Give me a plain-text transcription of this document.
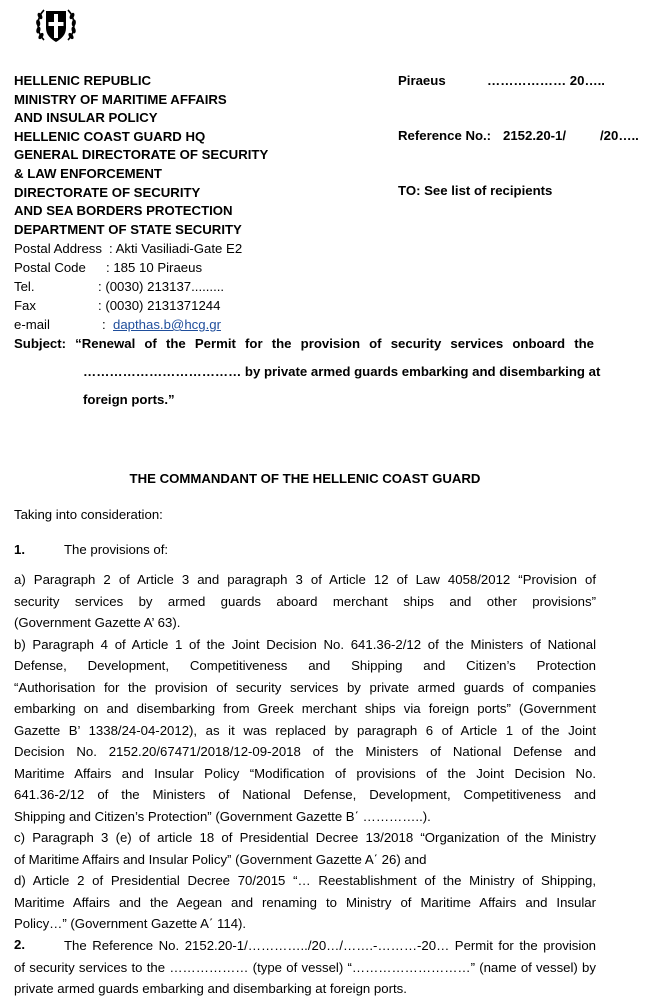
HELLENIC REPUBLIC
MINISTRY OF MARITIME AFFAIRS
AND INSULAR POLICY
HELLENIC COAST GUARD HQ
GENERAL DIRECTORATE OF SECURITY
& LAW ENFORCEMENT
DIRECTORATE OF SECURITY
AND SEA BORDERS PROTECTION
DEPARTMENT OF STATE SECURITY
Postal Address : Akti Vasiliadi-Gate E2
Postal Code : 185 10 Piraeus
Tel.	: (0030) 213137.........
Fax	: (0030) 2131371244
e-mail	: dapthas.b@hcg.gr
Piraeus	……………… 20…..
Reference No.: 2152.20-1/	/20…..
TO: See list of recipients
Subject: “Renewal of the Permit for the provision of security services onboard the
……………………………… by private armed guards embarking and disembarking at
foreign ports.”
THE COMMANDANT OF THE HELLENIC COAST GUARD
Taking into consideration:
1.	The provisions of:
a) Paragraph 2 of Article 3 and paragraph 3 of Article 12 of Law 4058/2012 “Provision of
security services by armed guards aboard merchant ships and other provisions”
(Government Gazette A’ 63).
b) Paragraph 4 of Article 1 of the Joint Decision No. 641.36-2/12 of the Ministers of National
Defense, Development, Competitiveness and Shipping and Citizen’s Protection
“Authorisation for the provision of security services by private armed guards of companies
embarking on and disembarking from Greek merchant ships via foreign ports” (Government
Gazette B’ 1338/24-04-2012), as it was replaced by paragraph 6 of Article 1 of the Joint
Decision No. 2152.20/67471/2018/12-09-2018 of the Ministers of National Defense and
Maritime Affairs and Insular Policy “Modification of provisions of the Joint Decision No.
641.36-2/12 of the Ministers of National Defense, Development, Competitiveness and
Shipping and Citizen’s Protection” (Government Gazette B΄ …………..).
c) Paragraph 3 (e) of article 18 of Presidential Decree 13/2018 “Organization of the Ministry
of Maritime Affairs and Insular Policy” (Government Gazette A΄ 26) and
d) Article 2 of Presidential Decree 70/2015 “… Reestablishment of the Ministry of Shipping,
Maritime Affairs and the Aegean and renaming to Ministry of Maritime Affairs and Insular
Policy…” (Government Gazette A΄ 114).
2.	The Reference No. 2152.20-1/…………../20…/…….-………-20… Permit for the provision
of security services to the ……………… (type of vessel) “………………………” (name of vessel) by
private armed guards embarking and disembarking at foreign ports.
